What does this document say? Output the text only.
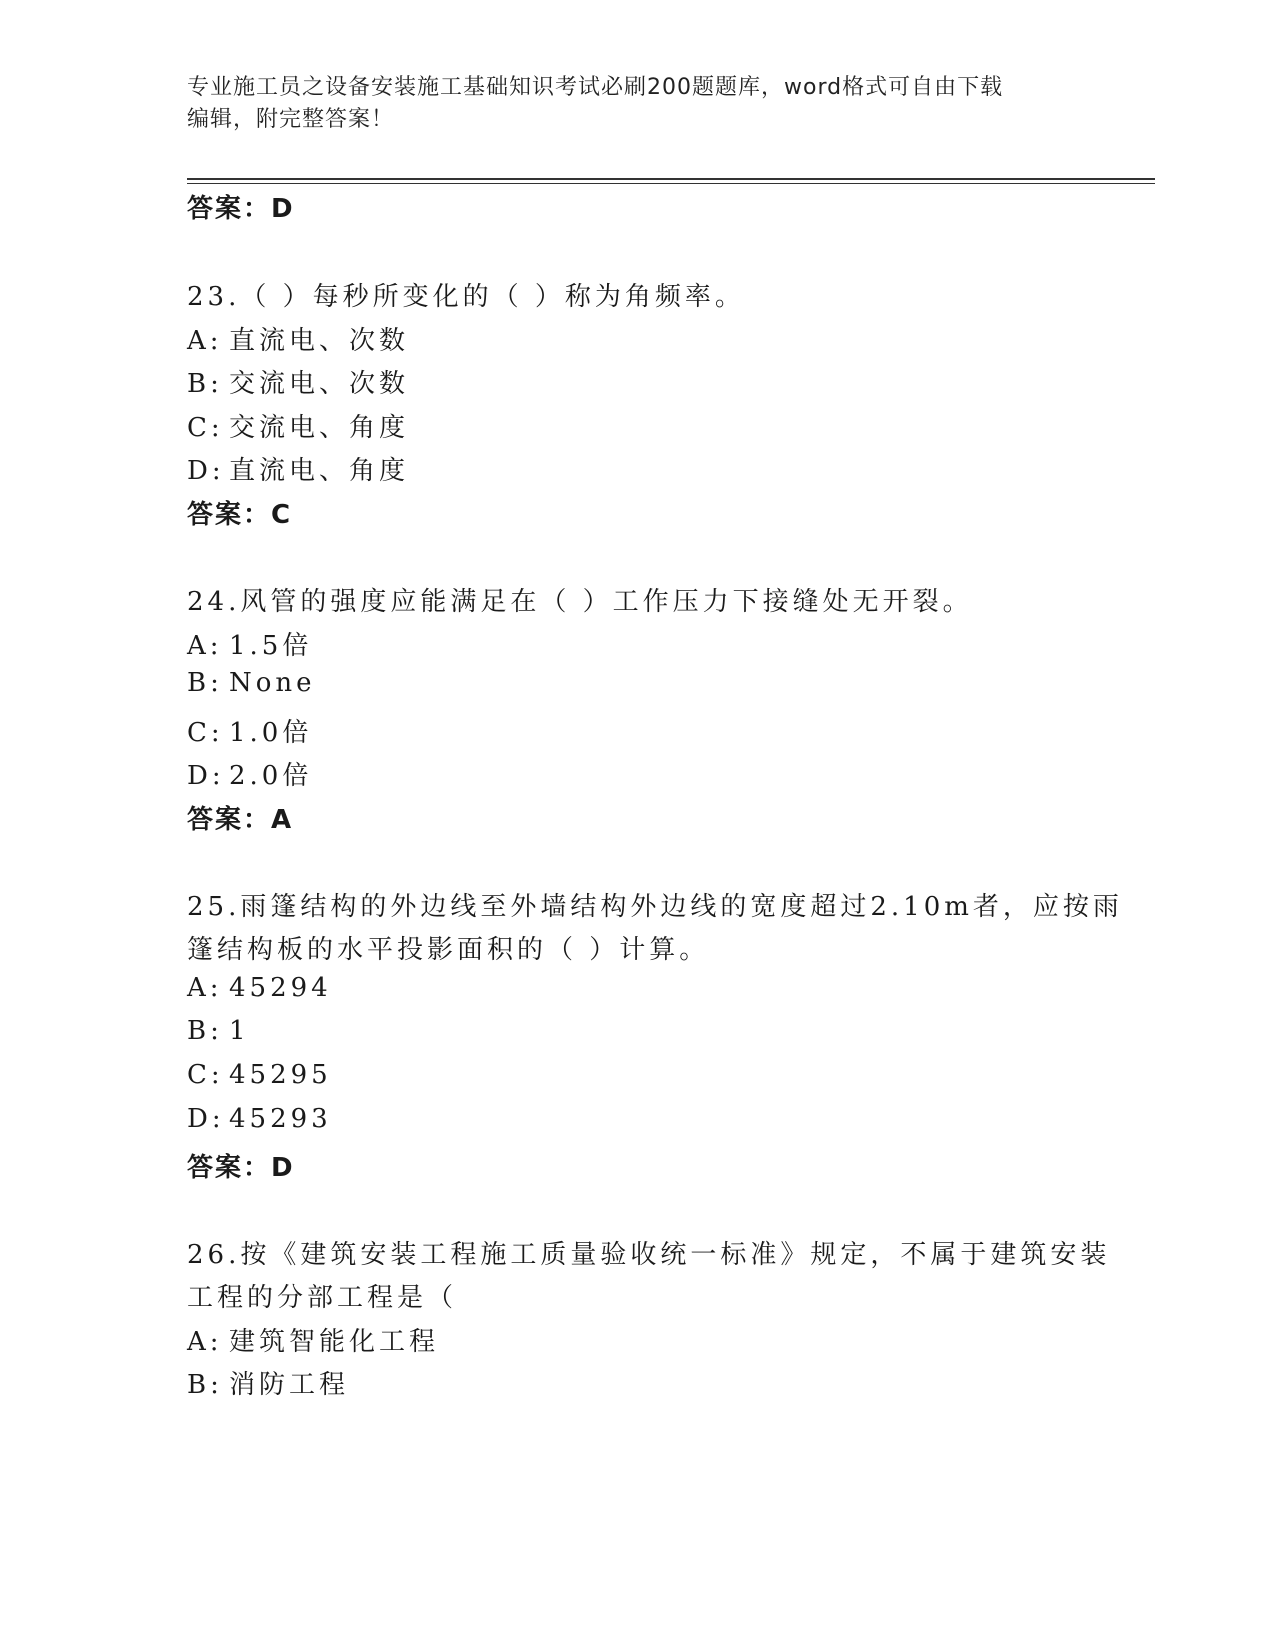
专业施工员之设备安装施工基础知识考试必刷200题题库，word格式可自由下载
编辑，附完整答案！
答案：D
23.（ ）每秒所变化的（ ）称为角频率。
A: 直流电、次数
B: 交流电、次数
C: 交流电、角度
D: 直流电、角度
答案：C
24.风管的强度应能满足在（ ）工作压力下接缝处无开裂。
A: 1.5倍
B: None
C: 1.0倍
D: 2.0倍
答案：A
25.雨篷结构的外边线至外墙结构外边线的宽度超过2.10m者，应按雨
篷结构板的水平投影面积的（ ）计算。
A: 45294
B: 1
C: 45295
D: 45293
答案：D
26.按《建筑安装工程施工质量验收统一标准》规定，不属于建筑安装
工程的分部工程是（
A: 建筑智能化工程
B: 消防工程
